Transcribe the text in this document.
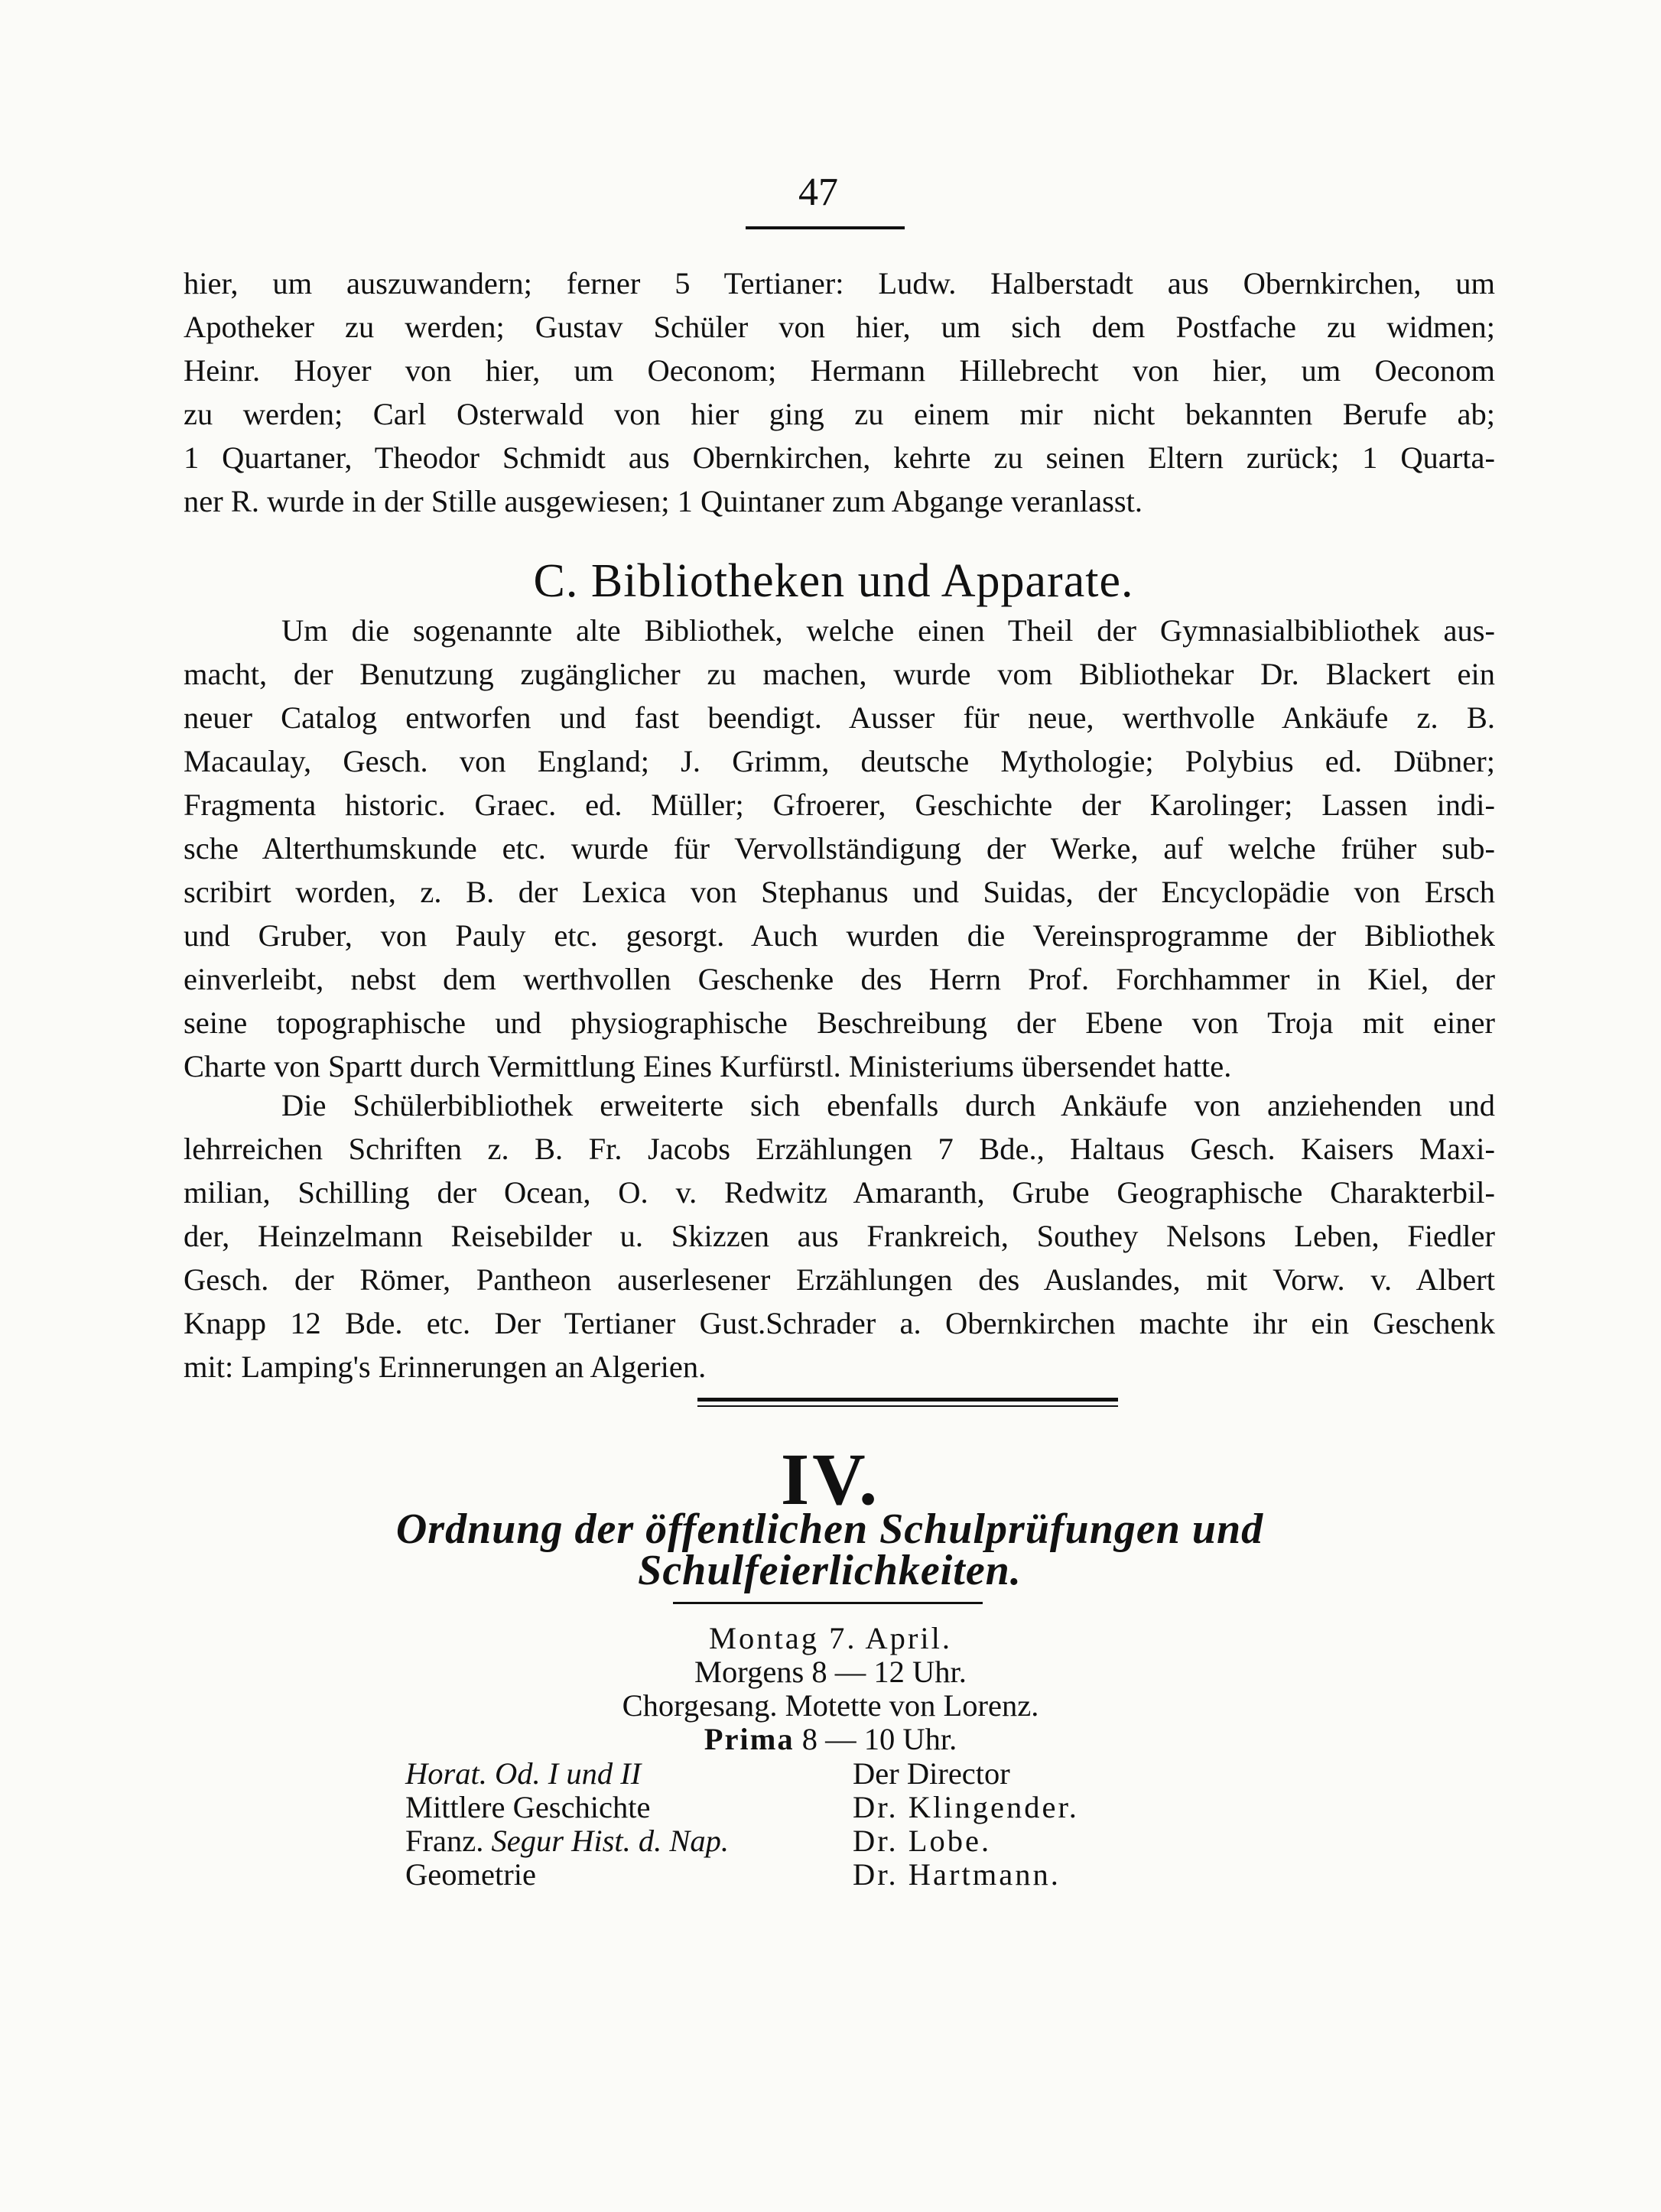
47
hier, um auszuwandern; ferner 5 Tertianer: Ludw. Halberstadt aus Obernkirchen, um
Apotheker zu werden; Gustav Schüler von hier, um sich dem Postfache zu widmen;
Heinr. Hoyer von hier, um Oeconom; Hermann Hillebrecht von hier, um Oeconom
zu werden; Carl Osterwald von hier ging zu einem mir nicht bekannten Berufe ab;
1 Quartaner, Theodor Schmidt aus Obernkirchen, kehrte zu seinen Eltern zurück; 1 Quarta-
ner R. wurde in der Stille ausgewiesen; 1 Quintaner zum Abgange veranlasst.
C. Bibliotheken und Apparate.
Um die sogenannte alte Bibliothek, welche einen Theil der Gymnasialbibliothek aus-
macht, der Benutzung zugänglicher zu machen, wurde vom Bibliothekar Dr. Blackert ein
neuer Catalog entworfen und fast beendigt. Ausser für neue, werthvolle Ankäufe z. B.
Macaulay, Gesch. von England; J. Grimm, deutsche Mythologie; Polybius ed. Dübner;
Fragmenta historic. Graec. ed. Müller; Gfroerer, Geschichte der Karolinger; Lassen indi-
sche Alterthumskunde etc. wurde für Vervollständigung der Werke, auf welche früher sub-
scribirt worden, z. B. der Lexica von Stephanus und Suidas, der Encyclopädie von Ersch
und Gruber, von Pauly etc. gesorgt. Auch wurden die Vereinsprogramme der Bibliothek
einverleibt, nebst dem werthvollen Geschenke des Herrn Prof. Forchhammer in Kiel, der
seine topographische und physiographische Beschreibung der Ebene von Troja mit einer
Charte von Spartt durch Vermittlung Eines Kurfürstl. Ministeriums übersendet hatte.
Die Schülerbibliothek erweiterte sich ebenfalls durch Ankäufe von anziehenden und
lehrreichen Schriften z. B. Fr. Jacobs Erzählungen 7 Bde., Haltaus Gesch. Kaisers Maxi-
milian, Schilling der Ocean, O. v. Redwitz Amaranth, Grube Geographische Charakterbil-
der, Heinzelmann Reisebilder u. Skizzen aus Frankreich, Southey Nelsons Leben, Fiedler
Gesch. der Römer, Pantheon auserlesener Erzählungen des Auslandes, mit Vorw. v. Albert
Knapp 12 Bde. etc. Der Tertianer Gust.Schrader a. Obernkirchen machte ihr ein Geschenk
mit: Lamping's Erinnerungen an Algerien.
IV.
Ordnung der öffentlichen Schulprüfungen und
Schulfeierlichkeiten.
Montag 7. April.
Morgens 8 — 12 Uhr.
Chorgesang. Motette von Lorenz.
Prima 8 — 10 Uhr.
Horat. Od. I und II	Der Director
Mittlere Geschichte	Dr. Klingender.
Franz. Segur Hist. d. Nap.	Dr. Lobe.
Geometrie	Dr. Hartmann.
